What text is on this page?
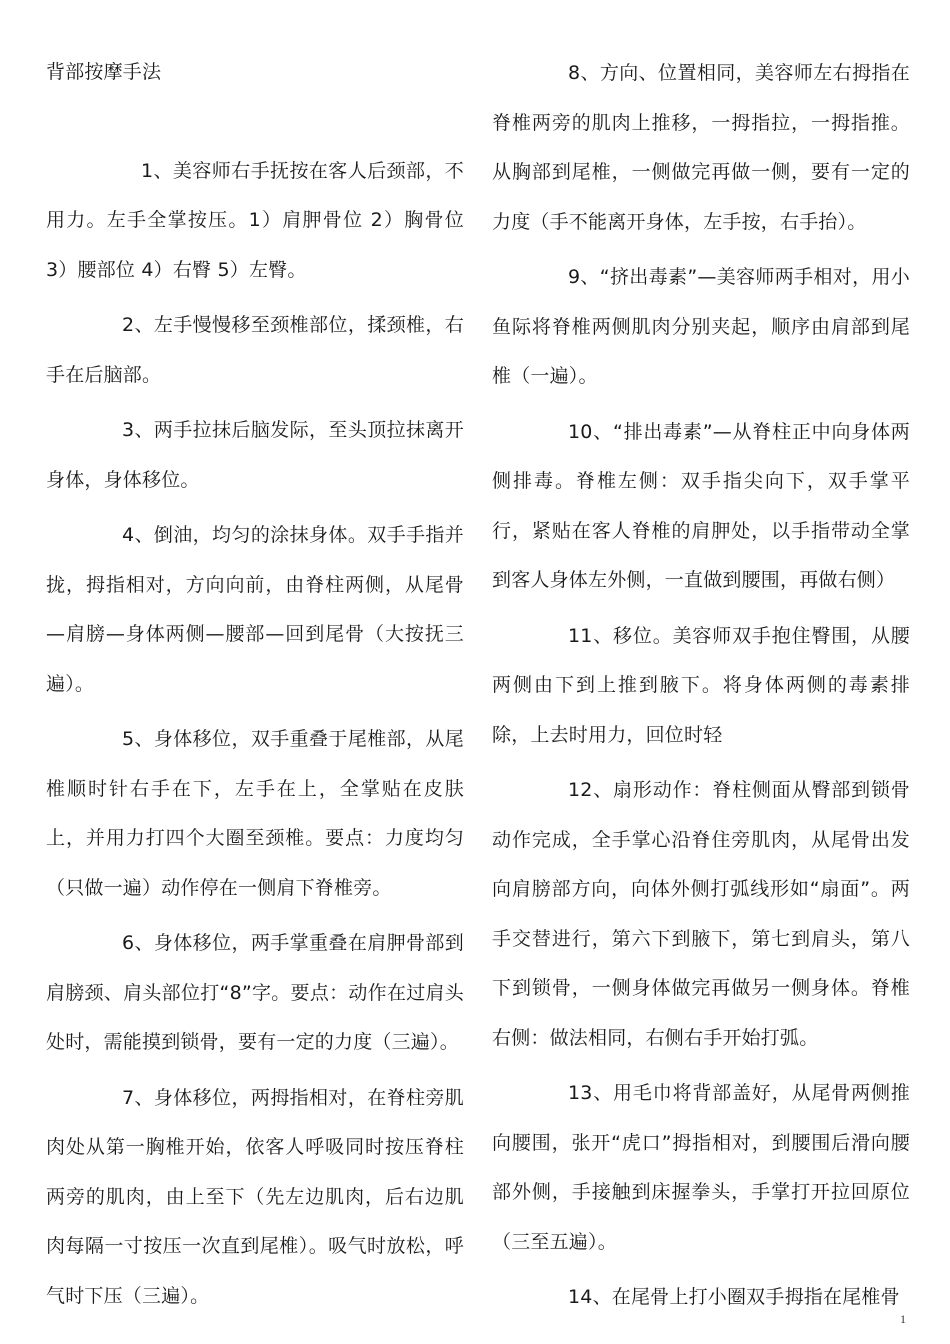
背部按摩手法

1、美容师右手抚按在客人后颈部，不用力。左手全掌按压。1）肩胛骨位 2）胸骨位 3）腰部位 4）右臀 5）左臀。

2、左手慢慢移至颈椎部位，揉颈椎，右手在后脑部。

3、两手拉抹后脑发际，至头顶拉抹离开身体，身体移位。

4、倒油，均匀的涂抹身体。双手手指并拢，拇指相对，方向向前，由脊柱两侧，从尾骨—肩膀—身体两侧—腰部—回到尾骨（大按抚三遍）。

5、身体移位，双手重叠于尾椎部，从尾椎顺时针右手在下，左手在上，全掌贴在皮肤上，并用力打四个大圈至颈椎。要点：力度均匀（只做一遍）动作停在一侧肩下脊椎旁。

6、身体移位，两手掌重叠在肩胛骨部到肩膀颈、肩头部位打“8”字。要点：动作在过肩头处时，需能摸到锁骨，要有一定的力度（三遍）。

7、身体移位，两拇指相对，在脊柱旁肌肉处从第一胸椎开始，依客人呼吸同时按压脊柱两旁的肌肉，由上至下（先左边肌肉，后右边肌肉每隔一寸按压一次直到尾椎）。吸气时放松，呼气时下压（三遍）。

8、方向、位置相同，美容师左右拇指在脊椎两旁的肌肉上推移，一拇指拉，一拇指推。从胸部到尾椎，一侧做完再做一侧，要有一定的力度（手不能离开身体，左手按，右手抬）。

9、“挤出毒素”—美容师两手相对，用小鱼际将脊椎两侧肌肉分别夹起，顺序由肩部到尾椎（一遍）。

10、“排出毒素”—从脊柱正中向身体两侧排毒。脊椎左侧：双手指尖向下，双手掌平行，紧贴在客人脊椎的肩胛处，以手指带动全掌到客人身体左外侧，一直做到腰围，再做右侧）

11、移位。美容师双手抱住臀围，从腰两侧由下到上推到腋下。将身体两侧的毒素排除，上去时用力，回位时轻

12、扇形动作：脊柱侧面从臀部到锁骨动作完成，全手掌心沿脊住旁肌肉，从尾骨出发向肩膀部方向，向体外侧打弧线形如“扇面”。两手交替进行，第六下到腋下，第七到肩头，第八下到锁骨，一侧身体做完再做另一侧身体。脊椎右侧：做法相同，右侧右手开始打弧。

13、用毛巾将背部盖好，从尾骨两侧推向腰围，张开“虎口”拇指相对，到腰围后滑向腰部外侧，手接触到床握拳头，手掌打开拉回原位（三至五遍）。

14、在尾骨上打小圈双手拇指在尾椎骨

1
